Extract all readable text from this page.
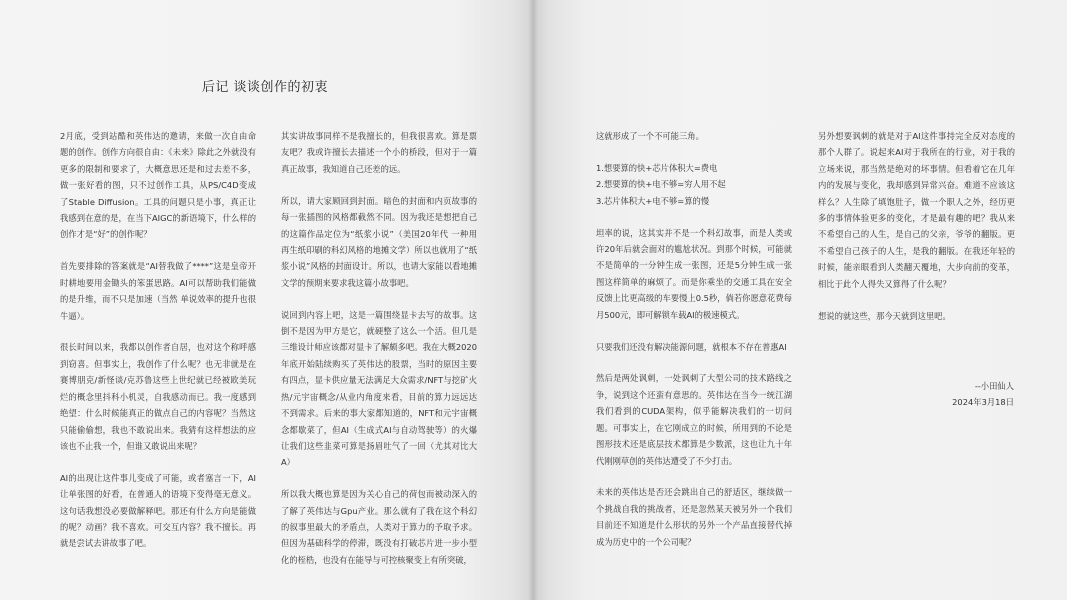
后记 谈谈创作的初衷

2月底，受到站酷和英伟达的邀请，来做一次自由命题的创作。创作方向很自由：《未来》除此之外就没有更多的限制和要求了，大概意思还是和过去差不多，做一张好看的图，只不过创作工具，从PS/C4D变成了Stable Diffusion。工具的问题只是小事，真正让我感到在意的是，在当下AIGC的新语境下，什么样的创作才是“好”的创作呢？

首先要排除的答案就是“AI替我做了****”这是皇帝开时耕地要用金锄头的笨蛋思路。AI可以帮助我们能做的是升维，而不只是加速（当然 单说效率的提升也很牛逼）。

很长时间以来，我都以创作者自居，也对这个称呼感到窃喜。但事实上，我创作了什么呢？也无非就是在赛博朋克/新怪谈/克苏鲁这些上世纪就已经被欧美玩烂的概念里抖科小机灵，自我感动而已。我一度感到绝望：什么时候能真正的做点自己的内容呢？当然这只能偷偷想，我也不敢说出来。我猜有这样想法的应该也不止我一个，但谁又敢说出来呢？

AI的出现让这件事儿变成了可能，或者塞言一下，AI让单张图的好看，在普通人的语境下变得毫无意义。这句话我想没必要做解释吧。那还有什么方向是能做的呢？动画？我不喜欢。可交互内容？我不擅长。再就是尝试去讲故事了吧。

其实讲故事同样不是我擅长的，但我很喜欢。算是票友吧？我或许擅长去描述一个小的桥段，但对于一篇真正故事，我知道自己还差的远。

所以，请大家顾回到封面。暗色的封面和内页故事的每一张插图的风格都截然不同。因为我还是想把自己的这篇作品定位为“纸浆小说”（美国20年代 一种用再生纸印刷的科幻风格的地摊文学）所以也就用了“纸浆小说”风格的封面设计。所以，也请大家能以看地摊文学的预期来要求我这篇小故事吧。

说回到内容上吧，这是一篇围绕显卡去写的故事。这倒不是因为甲方是它，就硬整了这么一个活。但几是三维设计师应该都对显卡了解颇多吧。我在大概2020年底开始陆续购买了英伟达的股票，当时的原因主要有四点，显卡供应量无法满足大众需求/NFT与挖矿火热/元宇宙概念/从业内角度来看，目前的算力远远达不到需求。后来的事大家都知道的，NFT和元宇宙概念都歇菜了，但AI（生成式AI与自动驾驶等）的火爆让我们这些韭菜可算是扬眉吐气了一回（尤其对比大A）

所以我大概也算是因为关心自己的荷包而被动深入的了解了英伟达与Gpu产业。那么就有了我在这个科幻的叙事里最大的矛盾点，人类对于算力的予取予求。但因为基础科学的停滞，既没有打破芯片进一步小型化的桎梏，也没有在能导与可控核聚变上有所突破，

这就形成了一个不可能三角。

1.想要算的快+芯片体积大=费电
2.想要算的快+电不够=穷人用不起

3.芯片体积大+电不够=算的慢

坦率的说，这其实并不是一个科幻故事，而是人类或许20年后就会面对的尴尬状况。到那个时候，可能就不是简单的一分钟生成一张图，还是5分钟生成一张图这样简单的麻烦了。而是你乘坐的交通工具在安全反馈上比更高级的车要慢上0.5秒，倘若你愿意花费每月500元，即可解锁车载AI的极速模式。

只要我们还没有解决能源问题，就根本不存在普惠AI

然后是两处讽刺，一处讽刺了大型公司的技术路线之争，说到这个还蛮有意思的。英伟达在当今一统江湖我们看到的CUDA架构，似乎能解决我们的一切问题。可事实上，在它刚成立的时候，所用到的不论是图形技术还是底层技术都算是少数派，这也让九十年代刚刚草创的英伟达遭受了不少打击。

未来的英伟达是否还会跳出自己的舒适区，继续做一个挑战自我的挑战者，还是忽然某天被另外一个我们目前还不知道是什么形状的另外一个产品直接替代掉成为历史中的一个公司呢？

另外想要讽刺的就是对于AI这件事持完全反对态度的那个人群了。说起来AI对于我所在的行业，对于我的立场来说，那当然是绝对的坏事情。但看着它在几年内的发展与变化，我却感到异常兴奋。难道不应该这样么？人生除了填饱肚子，做一个职人之外，经历更多的事情体验更多的变化，才是最有趣的吧？我从来不希望自己的人生，是自己的父亲，爷爷的翻版。更不希望自己孩子的人生，是我的翻版。在我还年轻的时候，能亲眼看到人类翻天覆地，大步向前的变革，相比于此个人得失又算得了什么呢？

想说的就这些，那今天就到这里吧。

--小田仙人
2024年3月18日
